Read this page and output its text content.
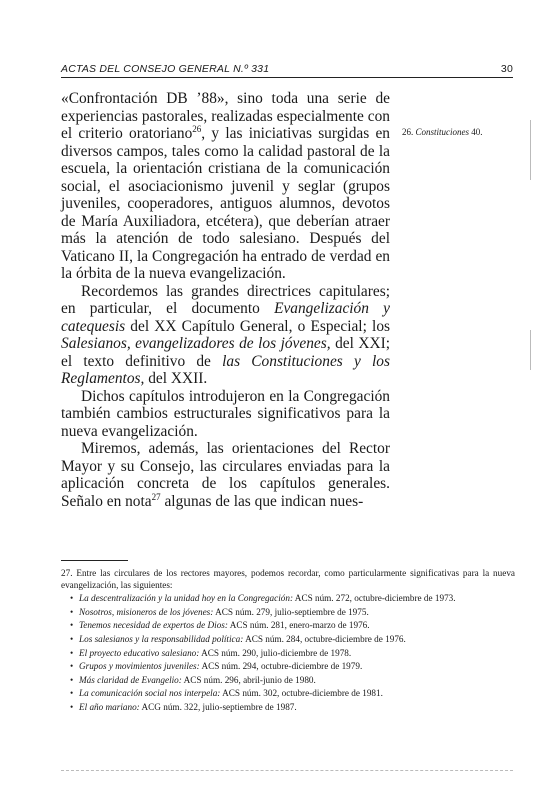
ACTAS DEL CONSEJO GENERAL N.º 331	30

«Confrontación DB ’88», sino toda una serie de experiencias pastorales, realizadas especialmente con el criterio oratoriano$^{26}$, y las iniciativas surgidas en diversos campos, tales como la calidad pastoral de la escuela, la orientación cristiana de la comunicación social, el asociacionismo juvenil y seglar (grupos juveniles, cooperadores, antiguos alumnos, devotos de María Auxiliadora, etcétera), que deberían atraer más la atención de todo salesiano. Después del Vaticano II, la Congregación ha entrado de verdad en la órbita de la nueva evangelización.

Recordemos las grandes directrices capitulares; en particular, el documento Evangelización y catequesis del XX Capítulo General, o Especial; los Salesianos, evangelizadores de los jóvenes, del XXI; el texto definitivo de las Constituciones y los Reglamentos, del XXII.

Dichos capítulos introdujeron en la Congregación también cambios estructurales significativos para la nueva evangelización.

Miremos, además, las orientaciones del Rector Mayor y su Consejo, las circulares enviadas para la aplicación concreta de los capítulos generales. Señalo en nota$^{27}$ algunas de las que indican nues-

26. Constituciones 40.

27. Entre las circulares de los rectores mayores, podemos recordar, como particularmente significativas para la nueva evangelización, las siguientes:

• La descentralización y la unidad hoy en la Congregación: ACS núm. 272, octubre-diciembre de 1973.
• Nosotros, misioneros de los jóvenes: ACS núm. 279, julio-septiembre de 1975.
• Tenemos necesidad de expertos de Dios: ACS núm. 281, enero-marzo de 1976.
• Los salesianos y la responsabilidad política: ACS núm. 284, octubre-diciembre de 1976.
• El proyecto educativo salesiano: ACS núm. 290, julio-diciembre de 1978.
• Grupos y movimientos juveniles: ACS núm. 294, octubre-diciembre de 1979.
• Más claridad de Evangelio: ACS núm. 296, abril-junio de 1980.
• La comunicación social nos interpela: ACS núm. 302, octubre-diciembre de 1981.
• El año mariano: ACG núm. 322, julio-septiembre de 1987.
